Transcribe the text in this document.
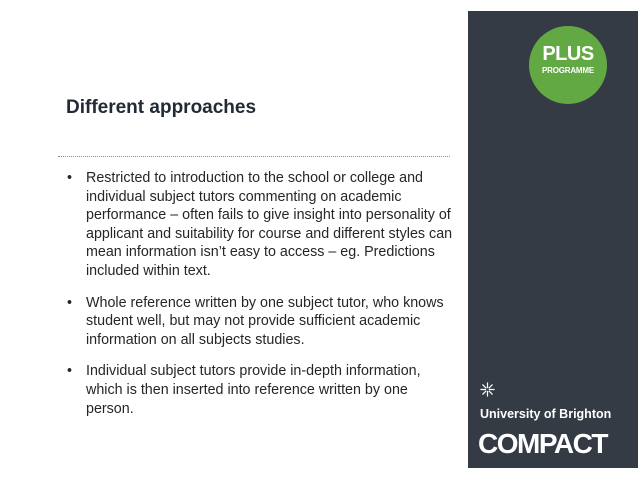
Different approaches
• Restricted to introduction to the school or college and individual subject tutors commenting on academic performance – often fails to give insight into personality of applicant and suitability for course and different styles can mean information isn’t easy to access – eg. Predictions included within text.
• Whole reference written by one subject tutor, who knows student well, but may not provide sufficient academic information on all subjects studies.
• Individual subject tutors provide in-depth information, which is then inserted into reference written by one person.
PLUS
PROGRAMME
University of Brighton
COMPACT
